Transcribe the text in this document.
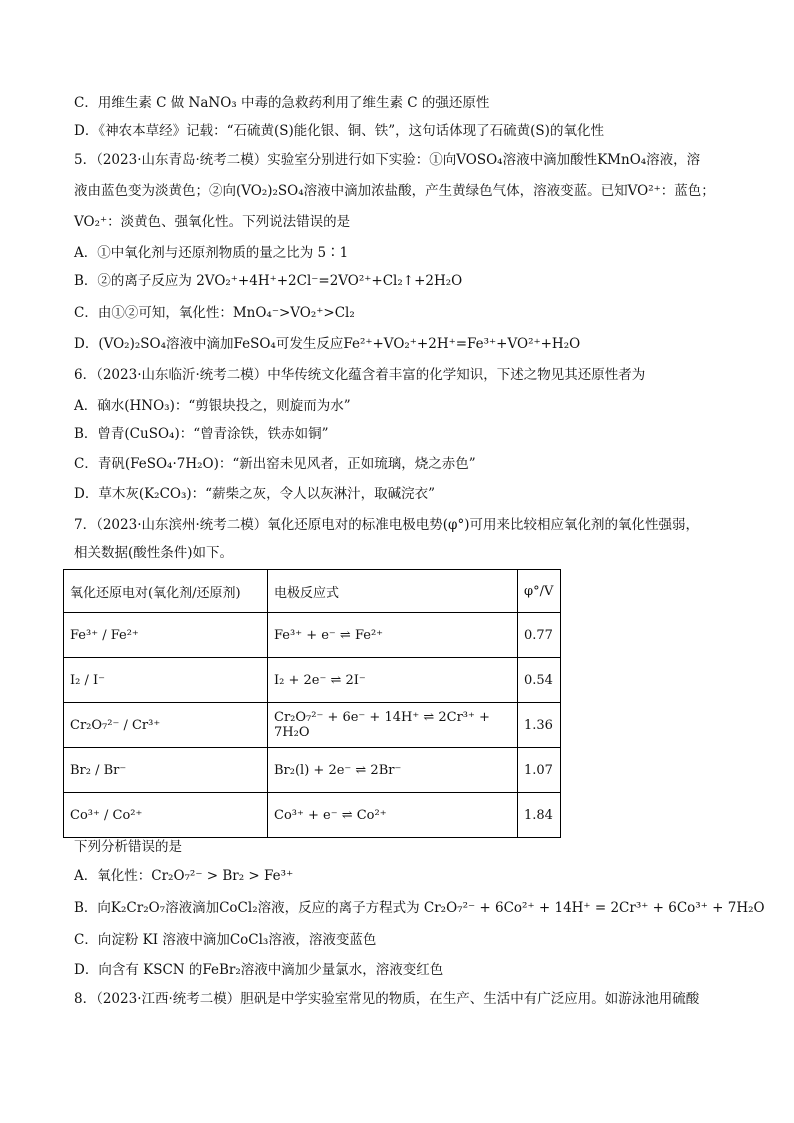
C．用维生素 C 做 NaNO₃ 中毒的急救药利用了维生素 C 的强还原性
D．《神农本草经》记载：“石硫黄(S)能化银、铜、铁”，这句话体现了石硫黄(S)的氧化性
5．（2023·山东青岛·统考二模）实验室分别进行如下实验：①向VOSO₄溶液中滴加酸性KMnO₄溶液，溶
液由蓝色变为淡黄色；②向(VO₂)₂SO₄溶液中滴加浓盐酸，产生黄绿色气体，溶液变蓝。已知VO²⁺：蓝色；
VO₂⁺：淡黄色、强氧化性。下列说法错误的是
A．①中氧化剂与还原剂物质的量之比为 5∶1
B．②的离子反应为 2VO₂⁺+4H⁺+2Cl⁻=2VO²⁺+Cl₂↑+2H₂O
C．由①②可知，氧化性：MnO₄⁻>VO₂⁺>Cl₂
D．(VO₂)₂SO₄溶液中滴加FeSO₄可发生反应Fe²⁺+VO₂⁺+2H⁺=Fe³⁺+VO²⁺+H₂O
6．（2023·山东临沂·统考二模）中华传统文化蕴含着丰富的化学知识，下述之物见其还原性者为
A．硇水(HNO₃)：“剪银块投之，则旋而为水”
B．曾青(CuSO₄)：“曾青涂铁，铁赤如铜”
C．青矾(FeSO₄·7H₂O)：“新出窑未见风者，正如琉璃，烧之赤色”
D．草木灰(K₂CO₃)：“薪柴之灰，令人以灰淋汁，取碱浣衣”
7．（2023·山东滨州·统考二模）氧化还原电对的标准电极电势(φ°)可用来比较相应氧化剂的氧化性强弱，
相关数据(酸性条件)如下。
氧化还原电对(氧化剂/还原剂)	电极反应式	φ°/V
Fe³⁺ / Fe²⁺	Fe³⁺ + e⁻ ⇌ Fe²⁺	0.77
I₂ / I⁻	I₂ + 2e⁻ ⇌ 2I⁻	0.54
Cr₂O₇²⁻ / Cr³⁺	Cr₂O₇²⁻ + 6e⁻ + 14H⁺ ⇌ 2Cr³⁺ + 7H₂O	1.36
Br₂ / Br⁻	Br₂(l) + 2e⁻ ⇌ 2Br⁻	1.07
Co³⁺ / Co²⁺	Co³⁺ + e⁻ ⇌ Co²⁺	1.84
下列分析错误的是
A．氧化性：Cr₂O₇²⁻ > Br₂ > Fe³⁺
B．向K₂Cr₂O₇溶液滴加CoCl₂溶液，反应的离子方程式为 Cr₂O₇²⁻ + 6Co²⁺ + 14H⁺ = 2Cr³⁺ + 6Co³⁺ + 7H₂O
C．向淀粉 KI 溶液中滴加CoCl₃溶液，溶液变蓝色
D．向含有 KSCN 的FeBr₂溶液中滴加少量氯水，溶液变红色
8．（2023·江西·统考二模）胆矾是中学实验室常见的物质，在生产、生活中有广泛应用。如游泳池用硫酸
